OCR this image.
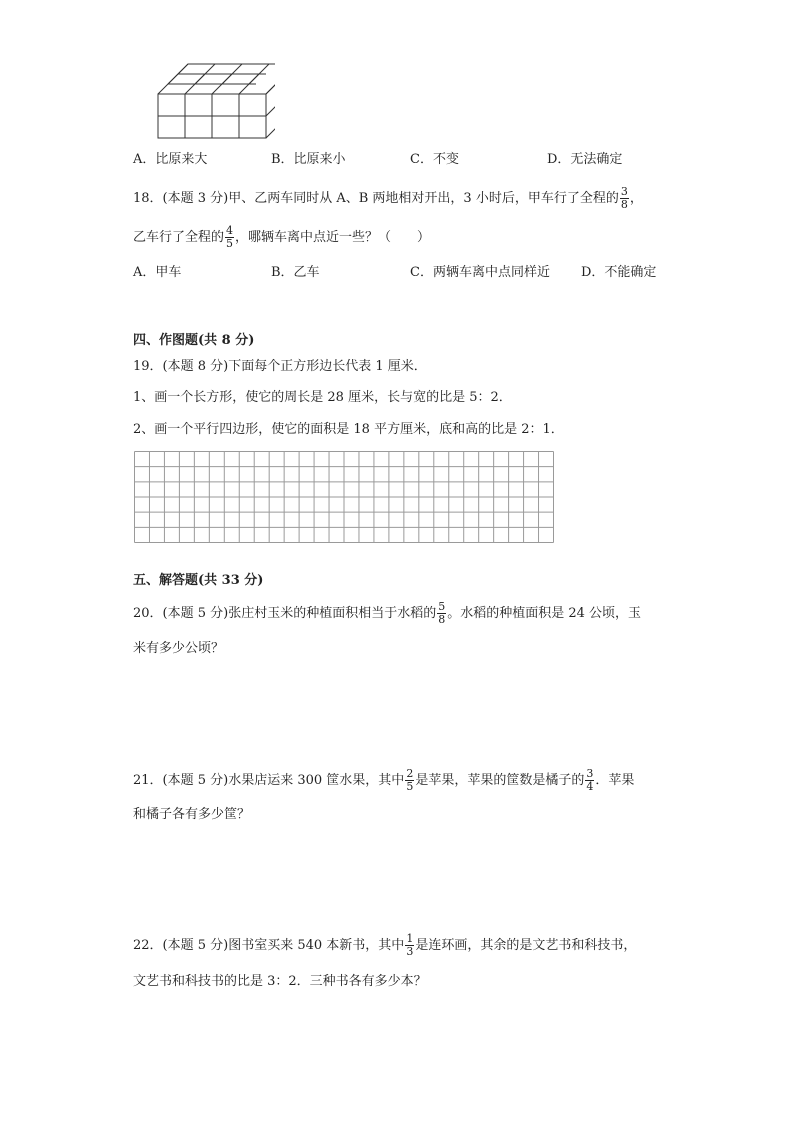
A．比原来大	B．比原来小	C．不变	D．无法确定
18．(本题 3 分)甲、乙两车同时从 A、B 两地相对开出，3 小时后，甲车行了全程的 $\frac{3}{8}$ ，
乙车行了全程的 $\frac{4}{5}$ ，哪辆车离中点近一些？（　　）
A．甲车	B．乙车	C．两辆车离中点同样近 D．不能确定
四、作图题(共 8 分)
19．(本题 8 分)下面每个正方形边长代表 1 厘米．
1、画一个长方形，使它的周长是 28 厘米，长与宽的比是 5：2．
2、画一个平行四边形，使它的面积是 18 平方厘米，底和高的比是 2：1．
五、解答题(共 33 分)
20．(本题 5 分)张庄村玉米的种植面积相当于水稻的 $\frac{5}{8}$ 。水稻的种植面积是 24 公顷，玉
米有多少公顷？
21．(本题 5 分)水果店运来 300 筐水果，其中 $\frac{2}{5}$ 是苹果，苹果的筐数是橘子的 $\frac{3}{4}$ ．苹果
和橘子各有多少筐？
22．(本题 5 分)图书室买来 540 本新书，其中 $\frac{1}{3}$ 是连环画，其余的是文艺书和科技书，
文艺书和科技书的比是 3：2．三种书各有多少本？
